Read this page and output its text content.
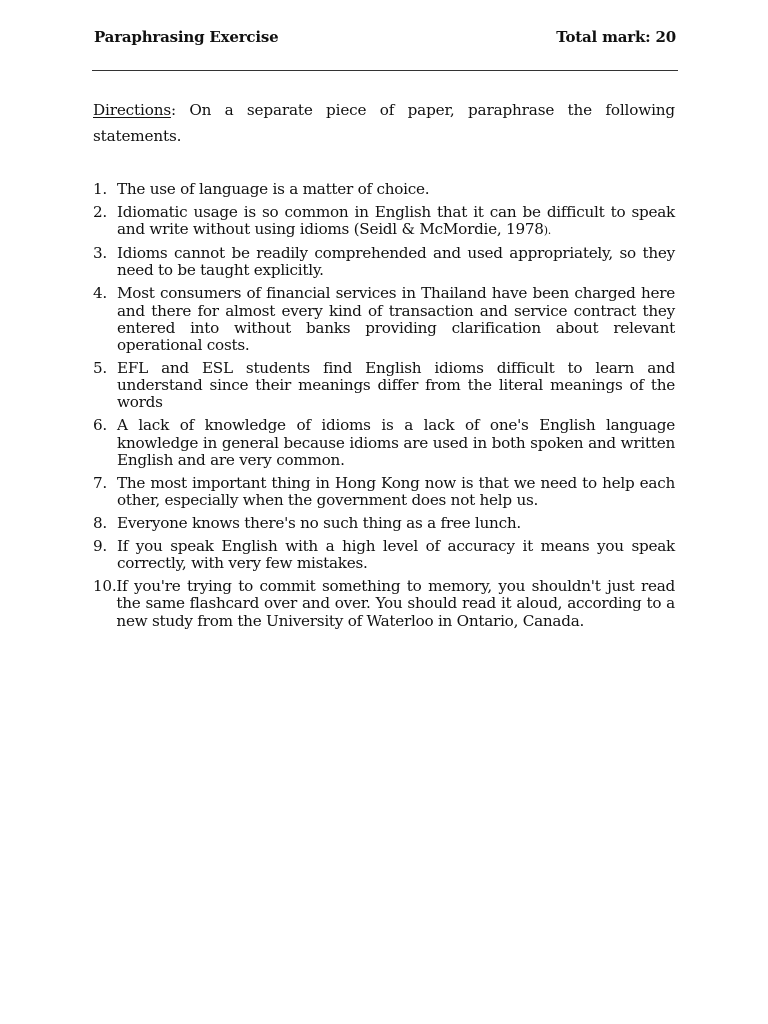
Paraphrasing Exercise	Total mark: 20
Directions: On a separate piece of paper, paraphrase the following statements.
1. The use of language is a matter of choice.
2. Idiomatic usage is so common in English that it can be difficult to speak and write without using idioms (Seidl & McMordie, 1978).
3. Idioms cannot be readily comprehended and used appropriately, so they need to be taught explicitly.
4. Most consumers of financial services in Thailand have been charged here and there for almost every kind of transaction and service contract they entered into without banks providing clarification about relevant operational costs.
5. EFL and ESL students find English idioms difficult to learn and understand since their meanings differ from the literal meanings of the words
6. A lack of knowledge of idioms is a lack of one's English language knowledge in general because idioms are used in both spoken and written English and are very common.
7. The most important thing in Hong Kong now is that we need to help each other, especially when the government does not help us.
8. Everyone knows there's no such thing as a free lunch.
9. If you speak English with a high level of accuracy it means you speak correctly, with very few mistakes.
10. If you're trying to commit something to memory, you shouldn't just read the same flashcard over and over. You should read it aloud, according to a new study from the University of Waterloo in Ontario, Canada.
